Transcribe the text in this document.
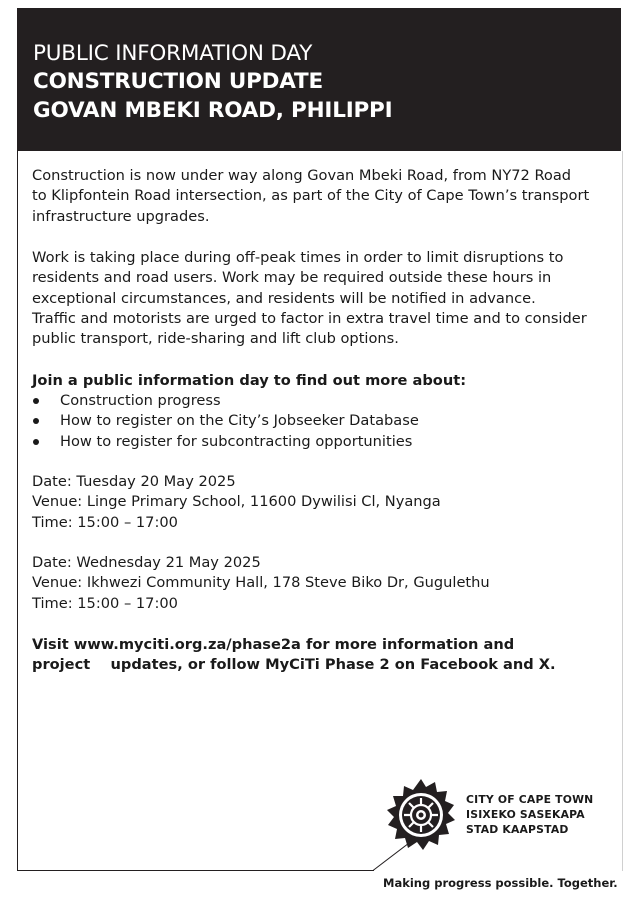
PUBLIC INFORMATION DAY
CONSTRUCTION UPDATE
GOVAN MBEKI ROAD, PHILIPPI

Construction is now under way along Govan Mbeki Road, from NY72 Road
to Klipfontein Road intersection, as part of the City of Cape Town’s transport
infrastructure upgrades.

Work is taking place during off-peak times in order to limit disruptions to
residents and road users. Work may be required outside these hours in
exceptional circumstances, and residents will be notified in advance.
Traffic and motorists are urged to factor in extra travel time and to consider
public transport, ride-sharing and lift club options.

Join a public information day to find out more about:

Construction progress
How to register on the City’s Jobseeker Database
How to register for subcontracting opportunities

Date: Tuesday 20 May 2025
Venue: Linge Primary School, 11600 Dywilisi Cl, Nyanga
Time: 15:00 – 17:00

Date: Wednesday 21 May 2025
Venue: Ikhwezi Community Hall, 178 Steve Biko Dr, Gugulethu
Time: 15:00 – 17:00

Visit www.myciti.org.za/phase2a for more information and
project    updates, or follow MyCiTi Phase 2 on Facebook and X.

CITY OF CAPE TOWN
ISIXEKO SASEKAPA
STAD KAAPSTAD
Making progress possible. Together.
